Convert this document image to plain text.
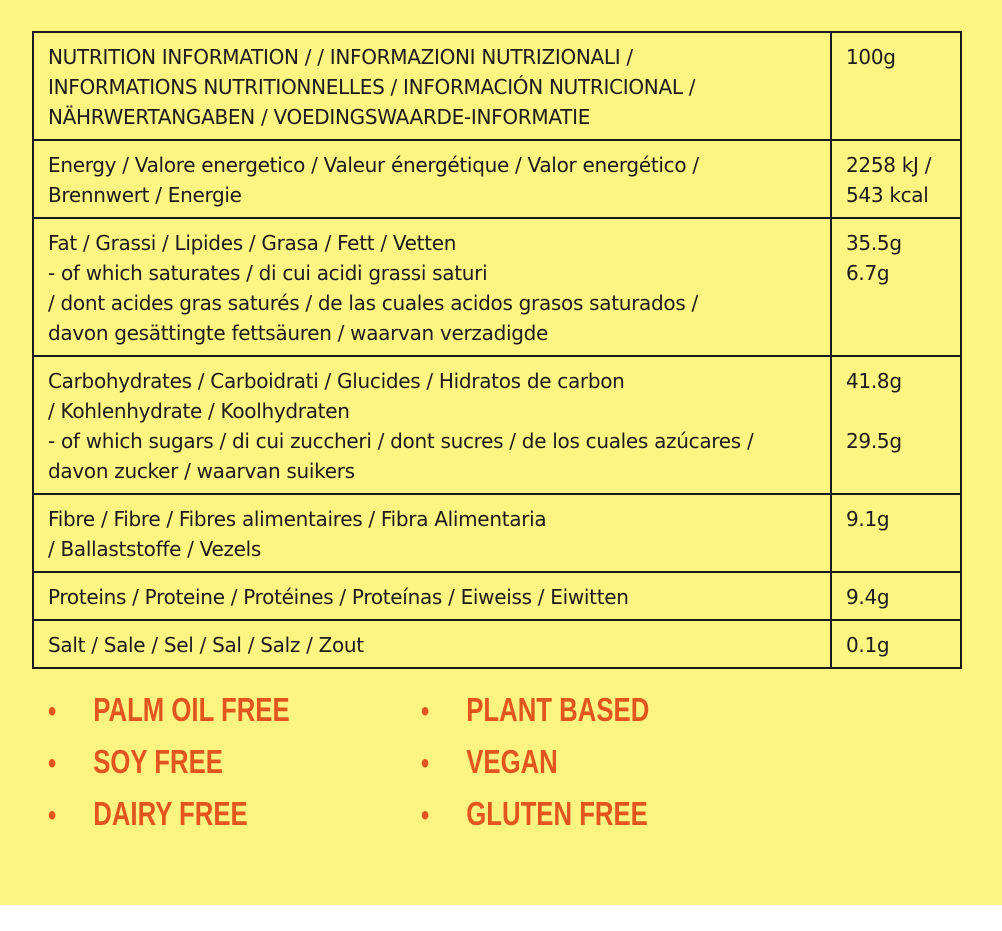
NUTRITION INFORMATION / / INFORMAZIONI NUTRIZIONALI /
INFORMATIONS NUTRITIONNELLES / INFORMACIÓN NUTRICIONAL /
NÄHRWERTANGABEN / VOEDINGSWAARDE-INFORMATIE	100g

Energy / Valore energetico / Valeur énergétique / Valor energético /
Brennwert / Energie	2258 kJ /
543 kcal

Fat / Grassi / Lipides / Grasa / Fett / Vetten
- of which saturates / di cui acidi grassi saturi
/ dont acides gras saturés / de las cuales acidos grasos saturados /
davon gesättingte fettsäuren / waarvan verzadigde	35.5g
6.7g

Carbohydrates / Carboidrati / Glucides / Hidratos de carbon
/ Kohlenhydrate / Koolhydraten
- of which sugars / di cui zuccheri / dont sucres / de los cuales azúcares /
davon zucker / waarvan suikers	41.8g
29.5g

Fibre / Fibre / Fibres alimentaires / Fibra Alimentaria
/ Ballaststoffe / Vezels	9.1g

Proteins / Proteine / Protéines / Proteínas / Eiweiss / Eiwitten	9.4g

Salt / Sale / Sel / Sal / Salz / Zout	0.1g
• PALM OIL FREE
• SOY FREE
• DAIRY FREE
• PLANT BASED
• VEGAN
• GLUTEN FREE
